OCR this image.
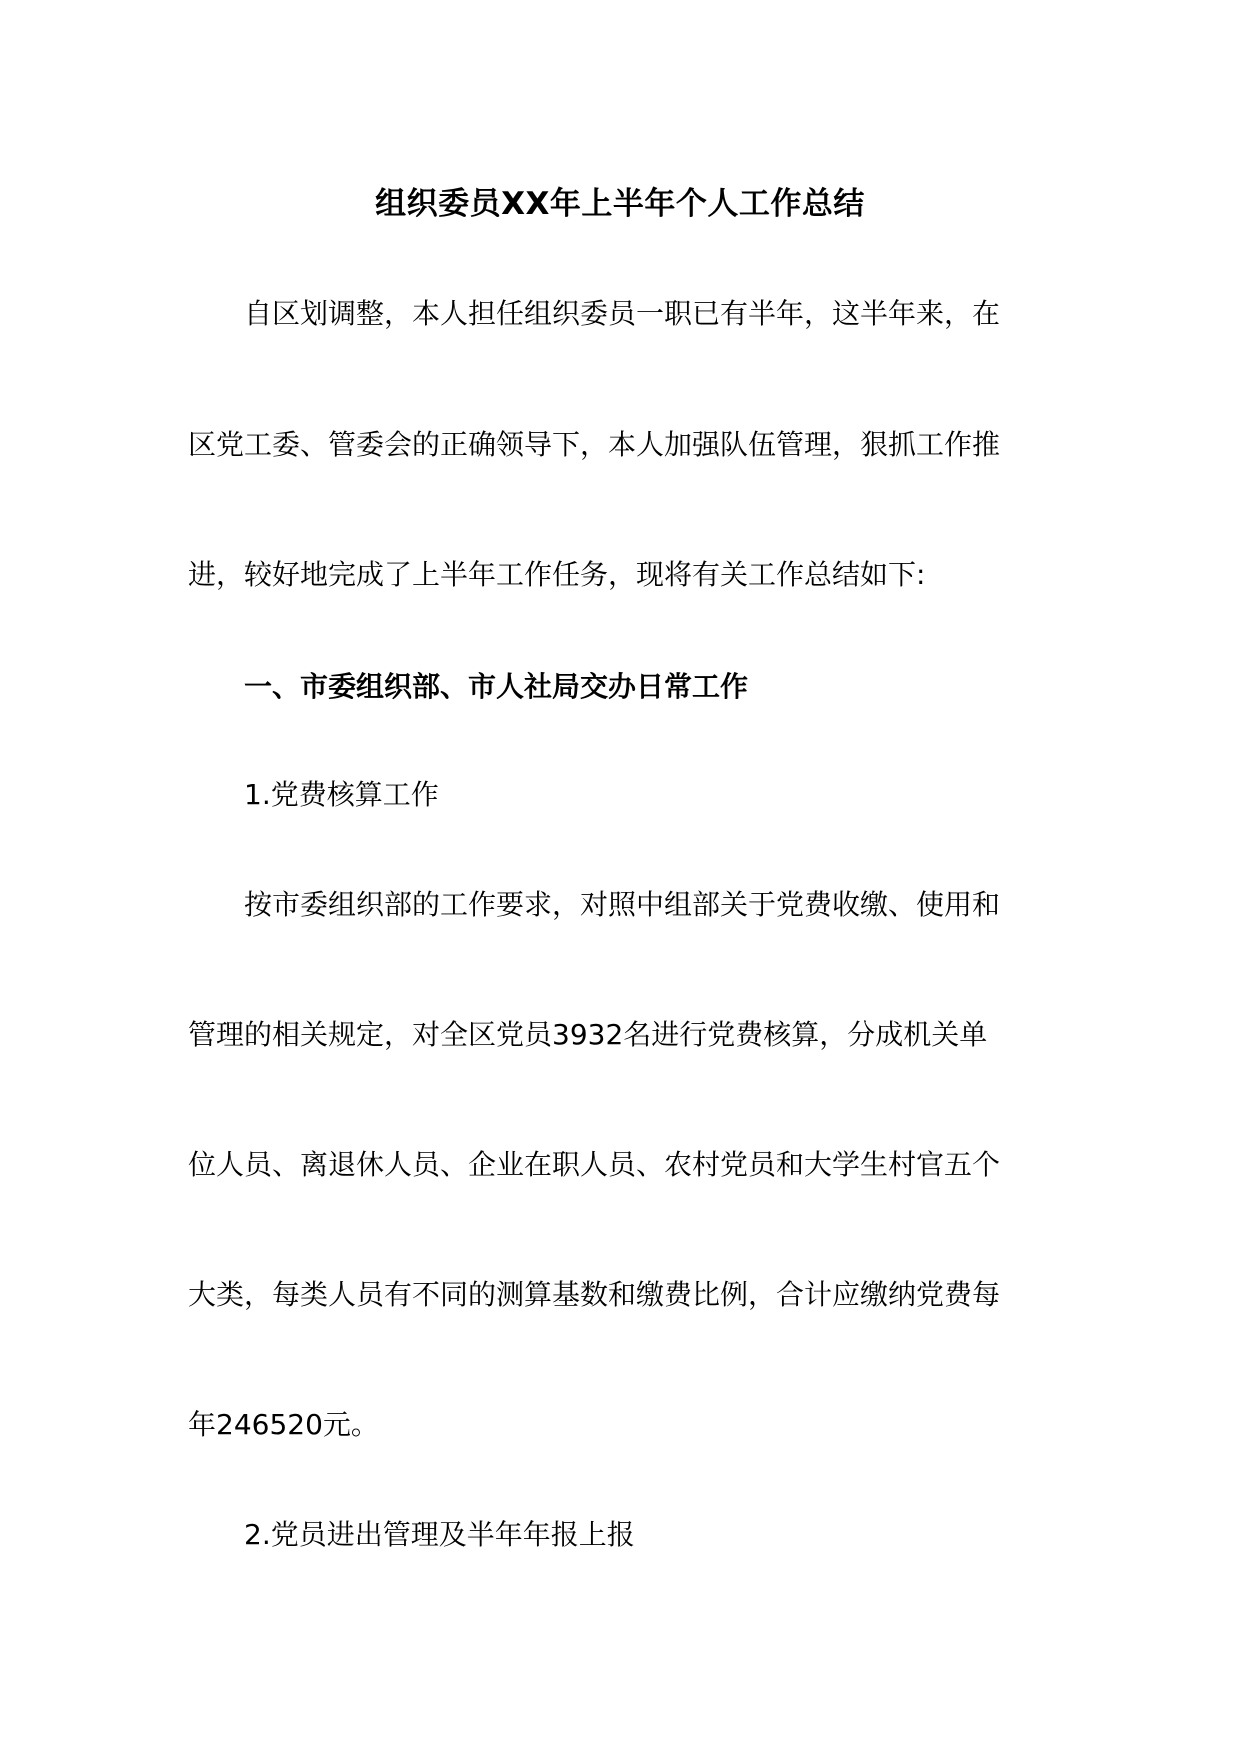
组织委员XX年上半年个人工作总结
自区划调整，本人担任组织委员一职已有半年，这半年来，在
区党工委、管委会的正确领导下，本人加强队伍管理，狠抓工作推
进，较好地完成了上半年工作任务，现将有关工作总结如下:
一、市委组织部、市人社局交办日常工作
1.党费核算工作
按市委组织部的工作要求，对照中组部关于党费收缴、使用和
管理的相关规定，对全区党员3932名进行党费核算，分成机关单
位人员、离退休人员、企业在职人员、农村党员和大学生村官五个
大类，每类人员有不同的测算基数和缴费比例，合计应缴纳党费每
年246520元。
2.党员进出管理及半年年报上报
